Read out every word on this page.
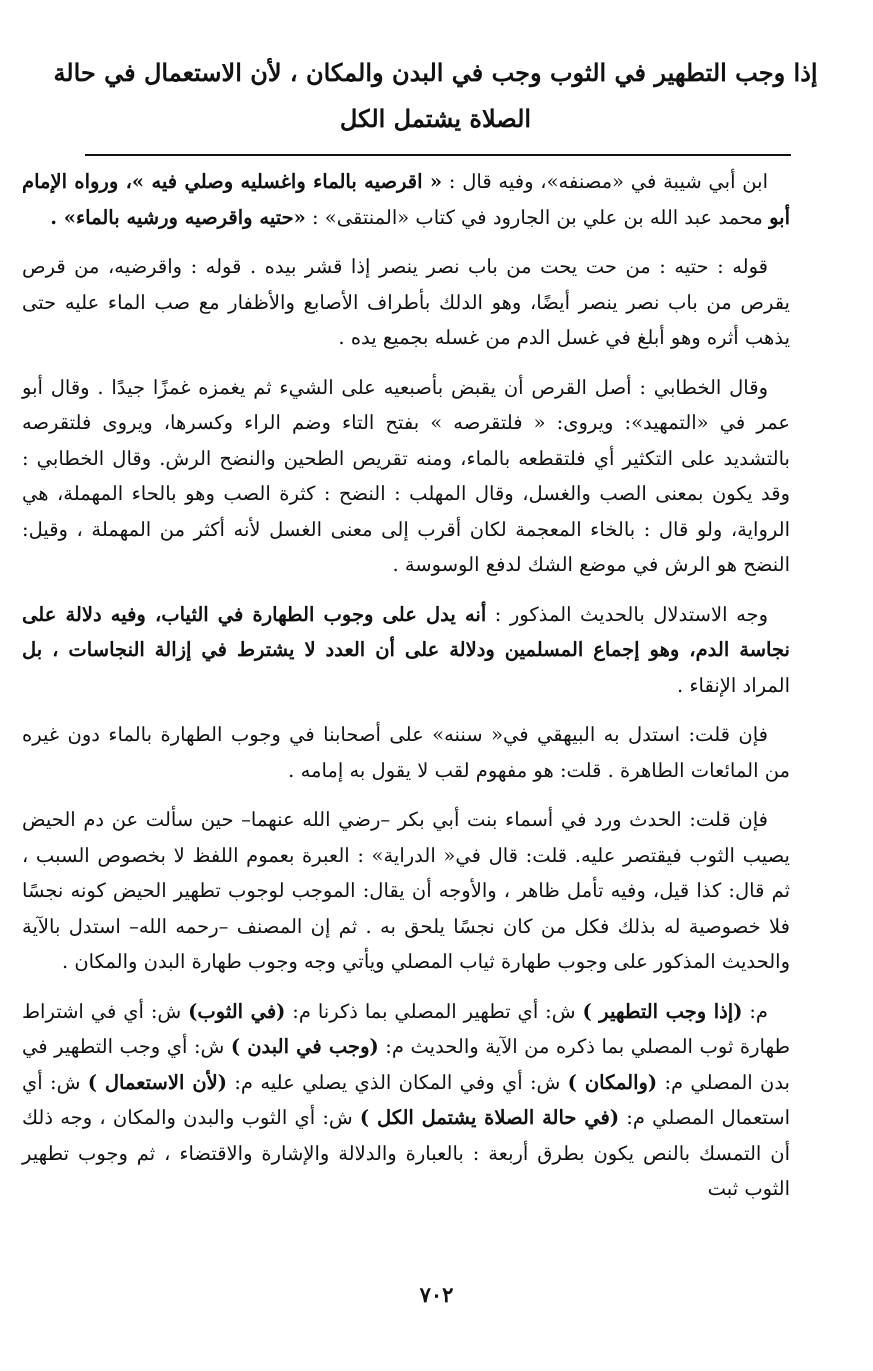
إذا وجب التطهير في الثوب وجب في البدن والمكان ، لأن الاستعمال في حالة الصلاة يشتمل الكل

ابن أبي شيبة في «مصنفه»، وفيه قال : « اقرصيه بالماء واغسليه وصلي فيه »، ورواه الإمام أبو محمد عبد الله بن علي بن الجارود في كتاب «المنتقى» : «حتيه واقرصيه ورشيه بالماء» .

قوله : حتيه : من حت يحت من باب نصر ينصر إذا قشر بيده . قوله : واقرضيه، من قرص يقرص من باب نصر ينصر أيضًا، وهو الدلك بأطراف الأصابع والأظفار مع صب الماء عليه حتى يذهب أثره وهو أبلغ في غسل الدم من غسله بجميع يده .

وقال الخطابي : أصل القرص أن يقبض بأصبعيه على الشيء ثم يغمزه غمزًا جيدًا . وقال أبو عمر في «التمهيد»: ويروى: « فلتقرصه » بفتح التاء وضم الراء وكسرها، ويروى فلتقرصه بالتشديد على التكثير أي فلتقطعه بالماء، ومنه تقريص الطحين والنضح الرش. وقال الخطابي : وقد يكون بمعنى الصب والغسل، وقال المهلب : النضح : كثرة الصب وهو بالحاء المهملة، هي الرواية، ولو قال : بالخاء المعجمة لكان أقرب إلى معنى الغسل لأنه أكثر من المهملة ، وقيل: النضح هو الرش في موضع الشك لدفع الوسوسة .

وجه الاستدلال بالحديث المذكور : أنه يدل على وجوب الطهارة في الثياب، وفيه دلالة على نجاسة الدم، وهو إجماع المسلمين ودلالة على أن العدد لا يشترط في إزالة النجاسات ، بل المراد الإنقاء .

فإن قلت: استدل به البيهقي في« سننه» على أصحابنا في وجوب الطهارة بالماء دون غيره من المائعات الطاهرة . قلت: هو مفهوم لقب لا يقول به إمامه .

فإن قلت: الحدث ورد في أسماء بنت أبي بكر –رضي الله عنهما– حين سألت عن دم الحيض يصيب الثوب فيقتصر عليه. قلت: قال في« الدراية» : العبرة بعموم اللفظ لا بخصوص السبب ، ثم قال: كذا قيل، وفيه تأمل ظاهر ، والأوجه أن يقال: الموجب لوجوب تطهير الحيض كونه نجسًا فلا خصوصية له بذلك فكل من كان نجسًا يلحق به . ثم إن المصنف –رحمه الله– استدل بالآية والحديث المذكور على وجوب طهارة ثياب المصلي ويأتي وجه وجوب طهارة البدن والمكان .

م: (إذا وجب التطهير ) ش: أي تطهير المصلي بما ذكرنا م: (في الثوب) ش: أي في اشتراط طهارة ثوب المصلي بما ذكره من الآية والحديث م: (وجب في البدن ) ش: أي وجب التطهير في بدن المصلي م: (والمكان ) ش: أي وفي المكان الذي يصلي عليه م: (لأن الاستعمال ) ش: أي استعمال المصلي م: (في حالة الصلاة يشتمل الكل ) ش: أي الثوب والبدن والمكان ، وجه ذلك أن التمسك بالنص يكون بطرق أربعة : بالعبارة والدلالة والإشارة والاقتضاء ، ثم وجوب تطهير الثوب ثبت

٧٠٢
